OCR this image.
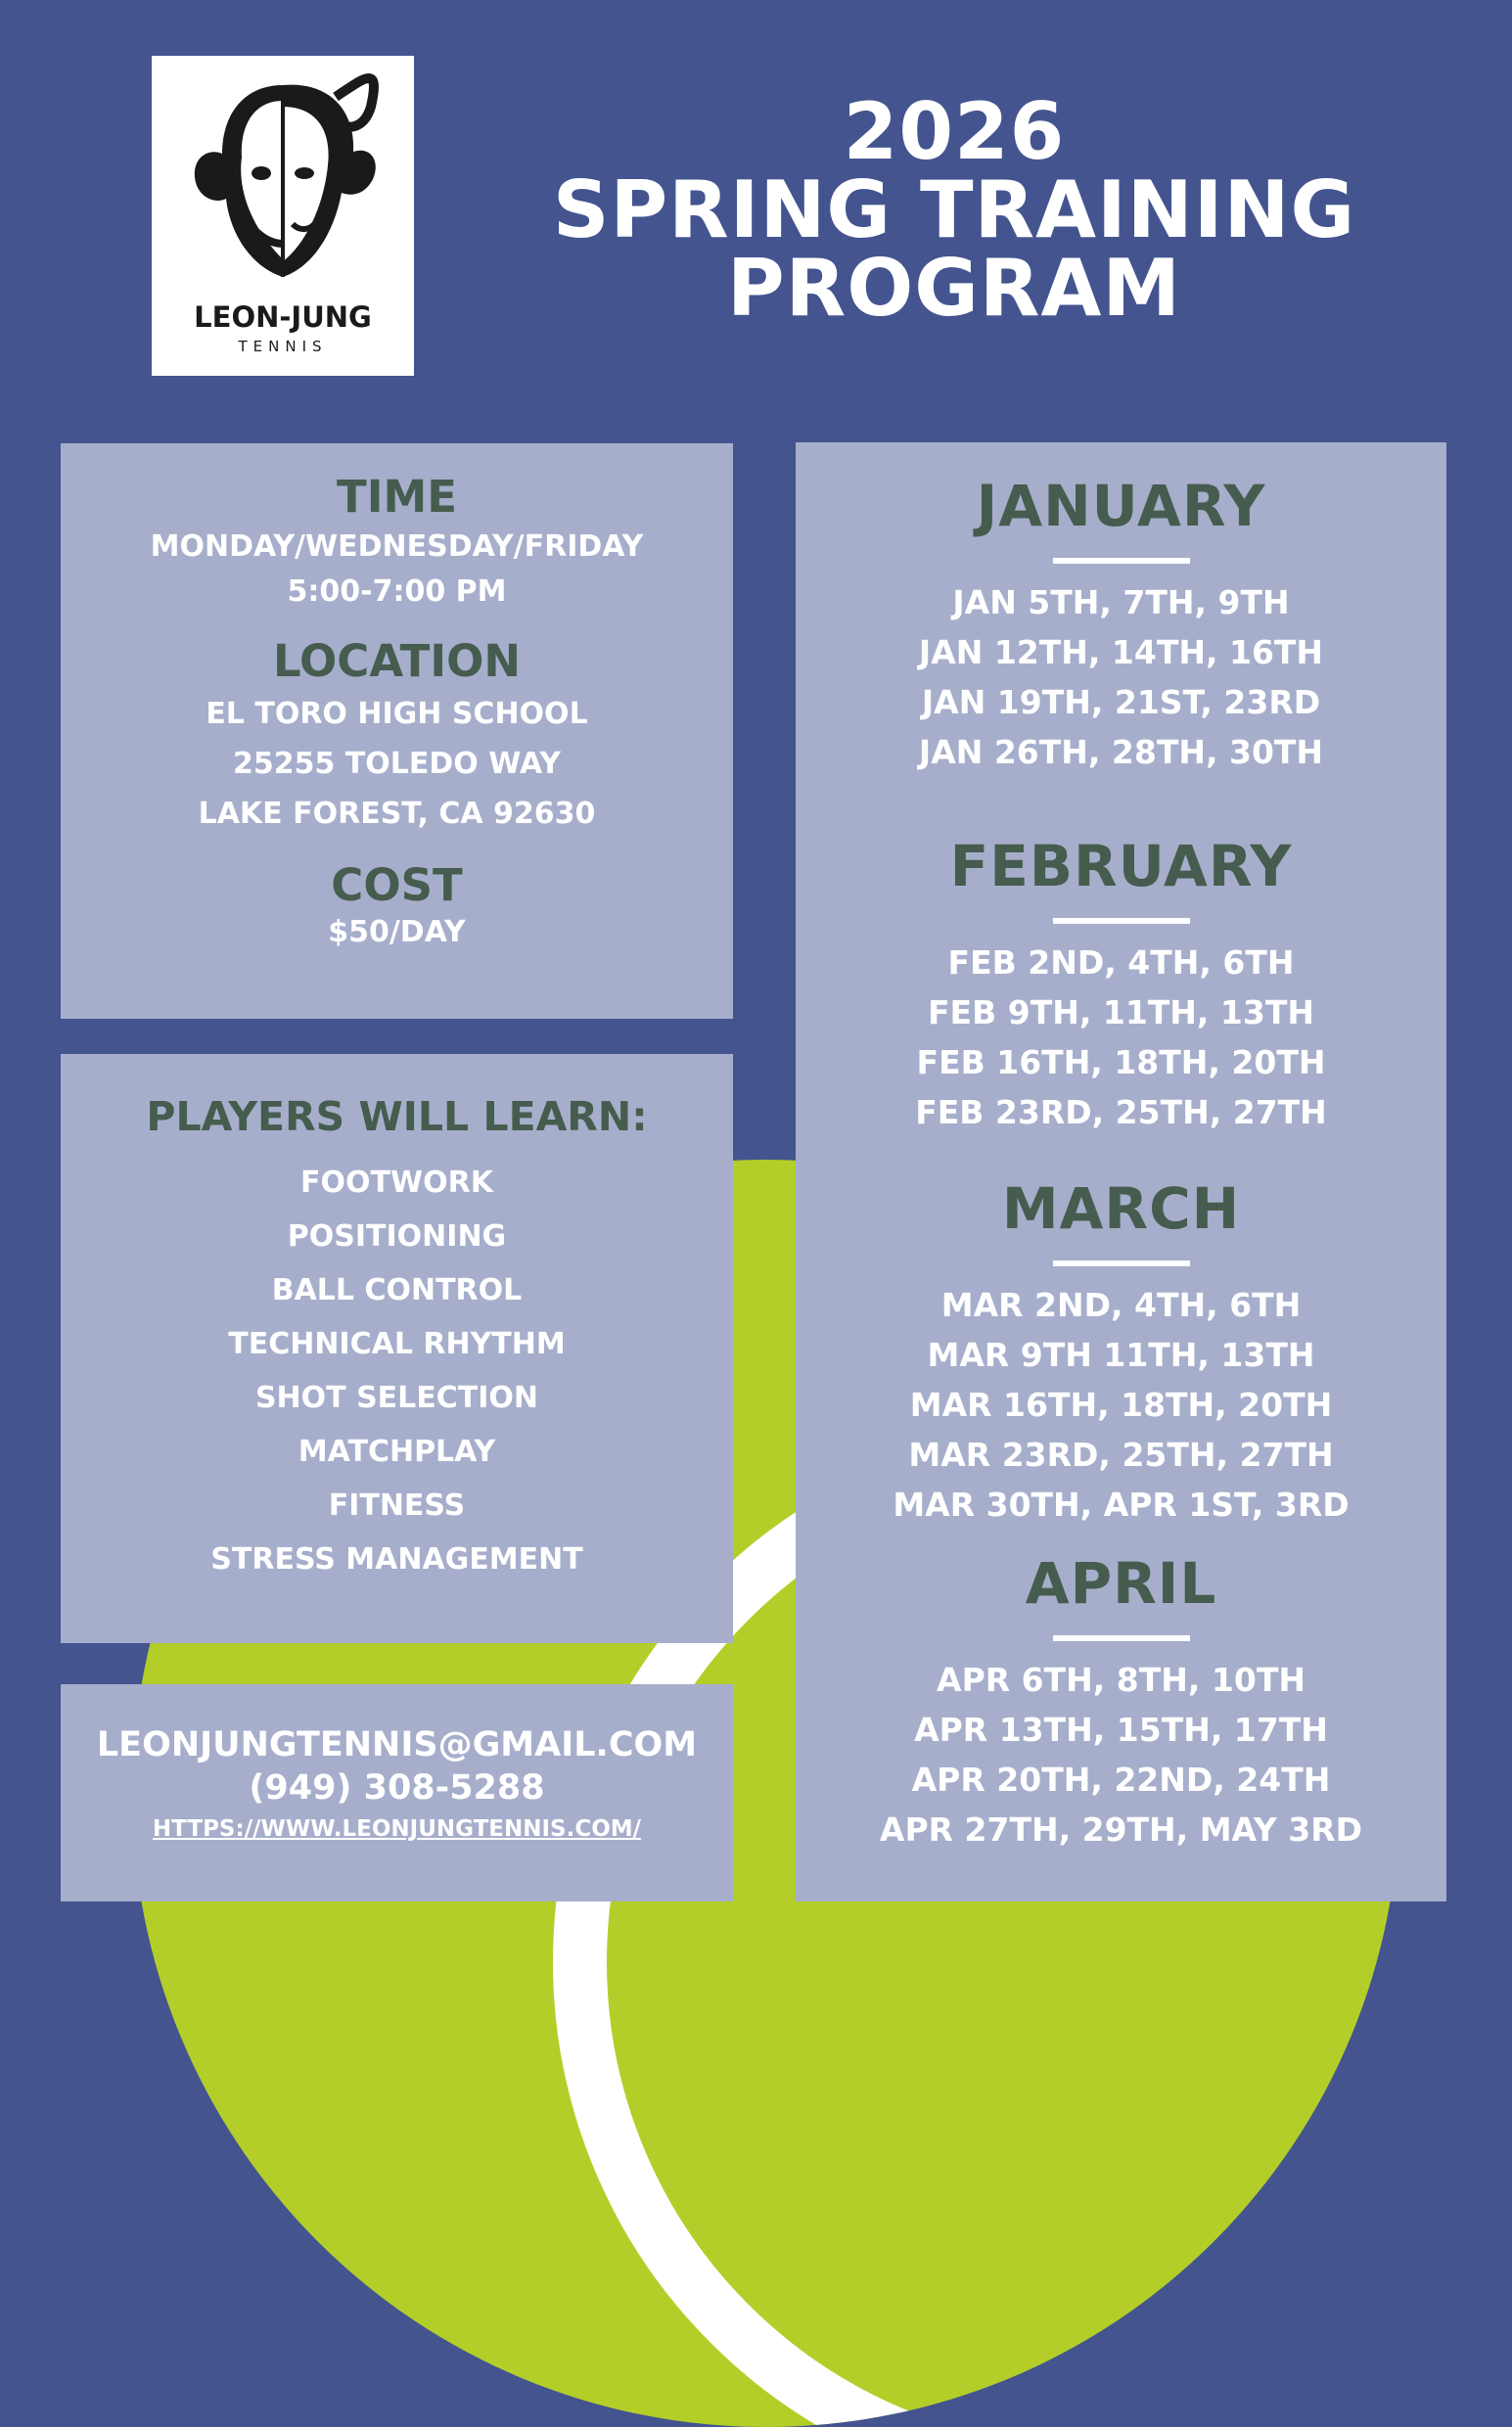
LEON-JUNG
TENNIS
2026
SPRING TRAINING
PROGRAM
TIME
MONDAY/WEDNESDAY/FRIDAY
5:00-7:00 PM
LOCATION
EL TORO HIGH SCHOOL
25255 TOLEDO WAY
LAKE FOREST, CA 92630
COST
$50/DAY
PLAYERS WILL LEARN:
FOOTWORK
POSITIONING
BALL CONTROL
TECHNICAL RHYTHM
SHOT SELECTION
MATCHPLAY
FITNESS
STRESS MANAGEMENT
LEONJUNGTENNIS@GMAIL.COM
(949) 308-5288
HTTPS://WWW.LEONJUNGTENNIS.COM/
JANUARY
JAN 5TH, 7TH, 9TH
JAN 12TH, 14TH, 16TH
JAN 19TH, 21ST, 23RD
JAN 26TH, 28TH, 30TH
FEBRUARY
FEB 2ND, 4TH, 6TH
FEB 9TH, 11TH, 13TH
FEB 16TH, 18TH, 20TH
FEB 23RD, 25TH, 27TH
MARCH
MAR 2ND, 4TH, 6TH
MAR 9TH 11TH, 13TH
MAR 16TH, 18TH, 20TH
MAR 23RD, 25TH, 27TH
MAR 30TH, APR 1ST, 3RD
APRIL
APR 6TH, 8TH, 10TH
APR 13TH, 15TH, 17TH
APR 20TH, 22ND, 24TH
APR 27TH, 29TH, MAY 3RD
